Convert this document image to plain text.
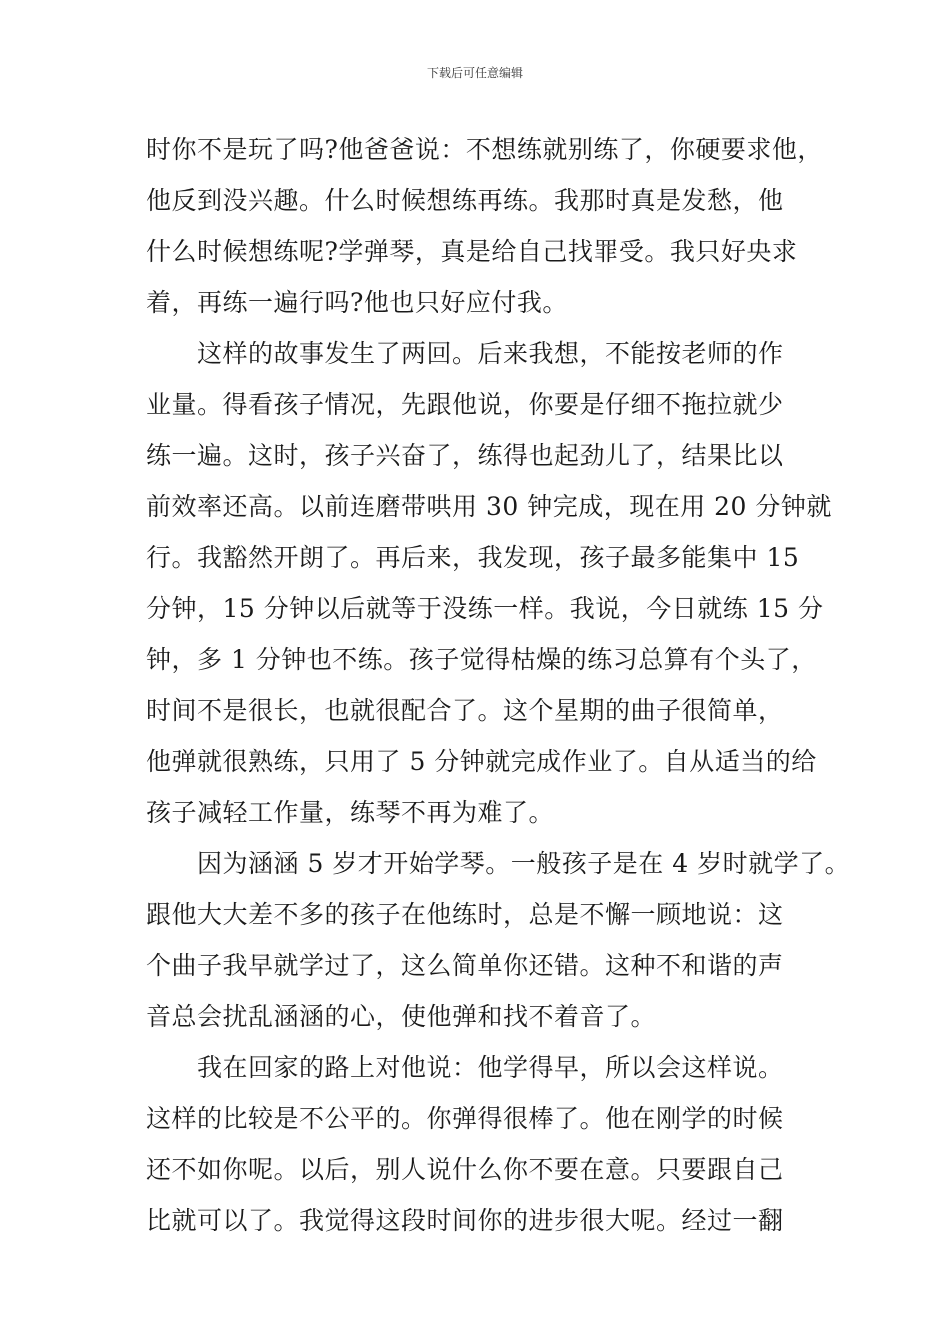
下载后可任意编辑
时你不是玩了吗?他爸爸说：不想练就别练了，你硬要求他，
他反到没兴趣。什么时候想练再练。我那时真是发愁，他
什么时候想练呢?学弹琴，真是给自己找罪受。我只好央求
着，再练一遍行吗?他也只好应付我。
这样的故事发生了两回。后来我想，不能按老师的作
业量。得看孩子情况，先跟他说，你要是仔细不拖拉就少
练一遍。这时，孩子兴奋了，练得也起劲儿了，结果比以
前效率还高。以前连磨带哄用 30 钟完成，现在用 20 分钟就
行。我豁然开朗了。再后来，我发现，孩子最多能集中 15
分钟，15 分钟以后就等于没练一样。我说，今日就练 15 分
钟，多 1 分钟也不练。孩子觉得枯燥的练习总算有个头了，
时间不是很长，也就很配合了。这个星期的曲子很简单，
他弹就很熟练，只用了 5 分钟就完成作业了。自从适当的给
孩子减轻工作量，练琴不再为难了。
因为涵涵 5 岁才开始学琴。一般孩子是在 4 岁时就学了。
跟他大大差不多的孩子在他练时，总是不懈一顾地说：这
个曲子我早就学过了，这么简单你还错。这种不和谐的声
音总会扰乱涵涵的心，使他弹和找不着音了。
我在回家的路上对他说：他学得早，所以会这样说。
这样的比较是不公平的。你弹得很棒了。他在刚学的时候
还不如你呢。以后，别人说什么你不要在意。只要跟自己
比就可以了。我觉得这段时间你的进步很大呢。经过一翻
